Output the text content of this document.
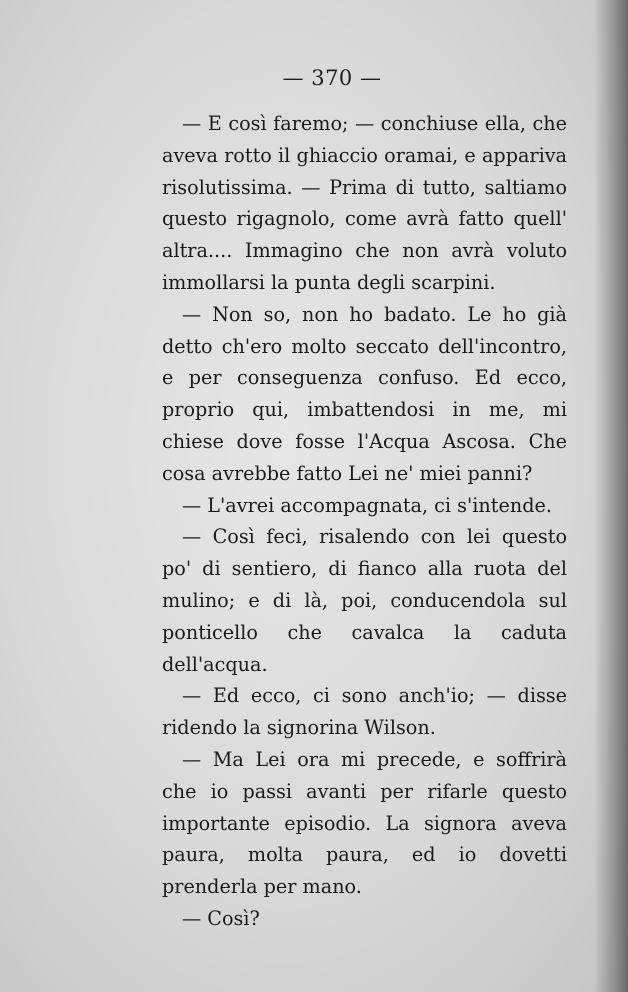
— 370 —

— E così faremo; — conchiuse ella, che aveva rotto il ghiaccio oramai, e appariva risolutissima. — Prima di tutto, saltiamo questo rigagnolo, come avrà fatto quell' altra.... Immagino che non avrà voluto immollarsi la punta degli scarpini.

— Non so, non ho badato. Le ho già detto ch'ero molto seccato dell'incontro, e per conseguenza confuso. Ed ecco, proprio qui, imbattendosi in me, mi chiese dove fosse l'Acqua Ascosa. Che cosa avrebbe fatto Lei ne' miei panni?

— L'avrei accompagnata, ci s'intende.

— Così feci, risalendo con lei questo po' di sentiero, di fianco alla ruota del mulino; e di là, poi, conducendola sul ponticello che cavalca la caduta dell'acqua.

— Ed ecco, ci sono anch'io; — disse ridendo la signorina Wilson.

— Ma Lei ora mi precede, e soffrirà che io passi avanti per rifarle questo importante episodio. La signora aveva paura, molta paura, ed io dovetti prenderla per mano.

— Così?
